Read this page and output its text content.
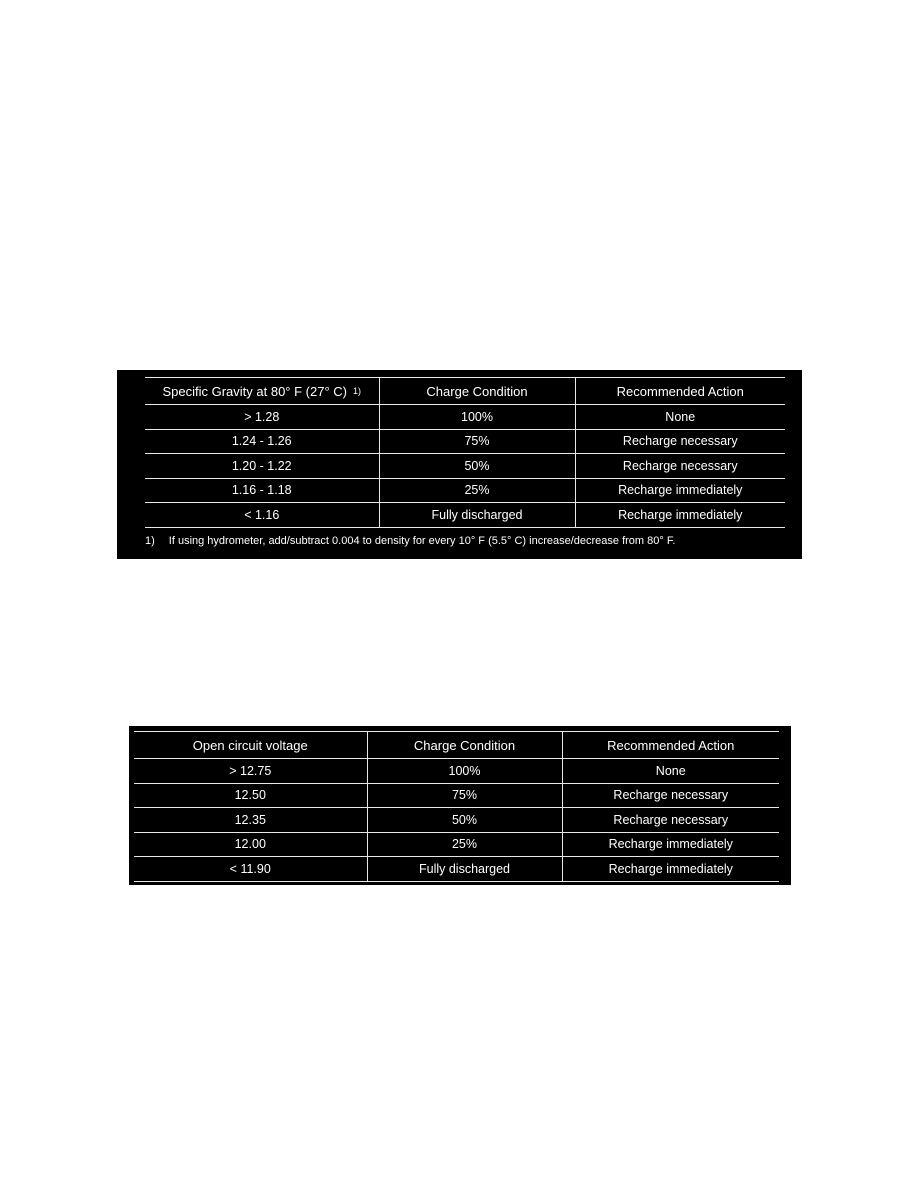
Specific Gravity at 80° F (27° C) 1)	Charge Condition	Recommended Action
> 1.28	100%	None
1.24 - 1.26	75%	Recharge necessary
1.20 - 1.22	50%	Recharge necessary
1.16 - 1.18	25%	Recharge immediately
< 1.16	Fully discharged	Recharge immediately
1) If using hydrometer, add/subtract 0.004 to density for every 10° F (5.5° C) increase/decrease from 80° F.
Open circuit voltage	Charge Condition	Recommended Action
> 12.75	100%	None
12.50	75%	Recharge necessary
12.35	50%	Recharge necessary
12.00	25%	Recharge immediately
< 11.90	Fully discharged	Recharge immediately
